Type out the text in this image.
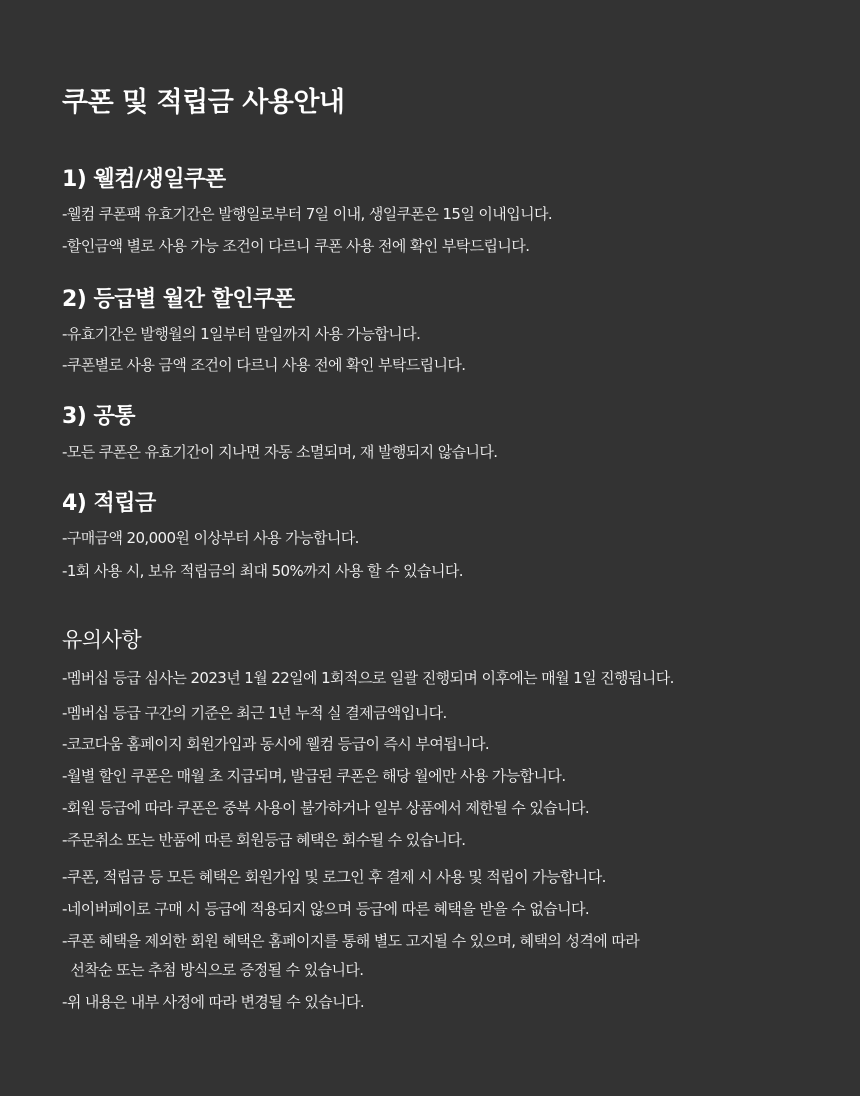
쿠폰 및 적립금 사용안내
1) 웰컴/생일쿠폰
-웰컴 쿠폰팩 유효기간은 발행일로부터 7일 이내, 생일쿠폰은 15일 이내입니다.
-할인금액 별로 사용 가능 조건이 다르니 쿠폰 사용 전에 확인 부탁드립니다.
2) 등급별 월간 할인쿠폰
-유효기간은 발행월의 1일부터 말일까지 사용 가능합니다.
-쿠폰별로 사용 금액 조건이 다르니 사용 전에 확인 부탁드립니다.
3) 공통
-모든 쿠폰은 유효기간이 지나면 자동 소멸되며, 재 발행되지 않습니다.
4) 적립금
-구매금액 20,000원 이상부터 사용 가능합니다.
-1회 사용 시, 보유 적립금의 최대 50%까지 사용 할 수 있습니다.
유의사항
-멤버십 등급 심사는 2023년 1월 22일에 1회적으로 일괄 진행되며 이후에는 매월 1일 진행됩니다.
-멤버십 등급 구간의 기준은 최근 1년 누적 실 결제금액입니다.
-코코다움 홈페이지 회원가입과 동시에 웰컴 등급이 즉시 부여됩니다.
-월별 할인 쿠폰은 매월 초 지급되며, 발급된 쿠폰은 해당 월에만 사용 가능합니다.
-회원 등급에 따라 쿠폰은 중복 사용이 불가하거나 일부 상품에서 제한될 수 있습니다.
-주문취소 또는 반품에 따른 회원등급 혜택은 회수될 수 있습니다.
-쿠폰, 적립금 등 모든 혜택은 회원가입 및 로그인 후 결제 시 사용 및 적립이 가능합니다.
-네이버페이로 구매 시 등급에 적용되지 않으며 등급에 따른 혜택을 받을 수 없습니다.
-쿠폰 혜택을 제외한 회원 혜택은 홈페이지를 통해 별도 고지될 수 있으며, 혜택의 성격에 따라
선착순 또는 추첨 방식으로 증정될 수 있습니다.
-위 내용은 내부 사정에 따라 변경될 수 있습니다.
